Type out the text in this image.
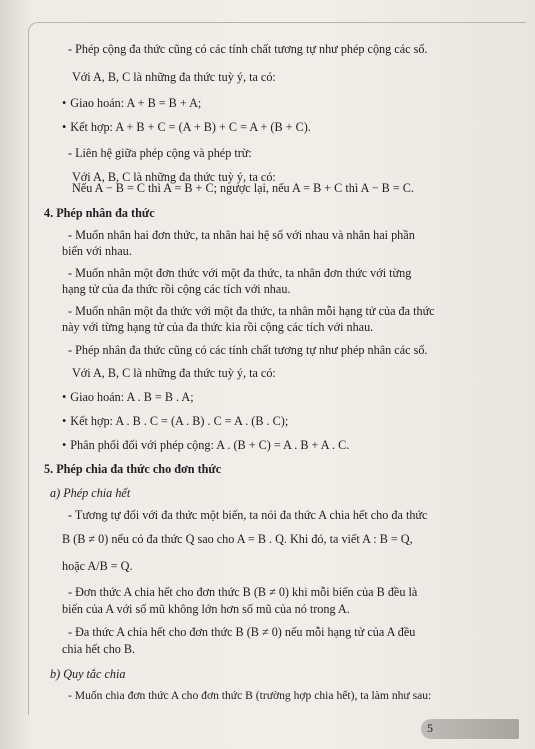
- Phép cộng đa thức cũng có các tính chất tương tự như phép cộng các số.
Với A, B, C là những đa thức tuỳ ý, ta có:
• Giao hoán: A + B = B + A;
• Kết hợp: A + B + C = (A + B) + C = A + (B + C).
- Liên hệ giữa phép cộng và phép trừ:
Với A, B, C là những đa thức tuỳ ý, ta có:
Nếu A − B = C thì A = B + C; ngược lại, nếu A = B + C thì A − B = C.
4. Phép nhân đa thức
- Muốn nhân hai đơn thức, ta nhân hai hệ số với nhau và nhân hai phần
biến với nhau.
- Muốn nhân một đơn thức với một đa thức, ta nhân đơn thức với từng
hạng tử của đa thức rồi cộng các tích với nhau.
- Muốn nhân một đa thức với một đa thức, ta nhân mỗi hạng tử của đa thức
này với từng hạng tử của đa thức kia rồi cộng các tích với nhau.
- Phép nhân đa thức cũng có các tính chất tương tự như phép nhân các số.
Với A, B, C là những đa thức tuỳ ý, ta có:
• Giao hoán: A . B = B . A;
• Kết hợp: A . B . C = (A . B) . C = A . (B . C);
• Phân phối đối với phép cộng: A . (B + C) = A . B + A . C.
5. Phép chia đa thức cho đơn thức
a) Phép chia hết
- Tương tự đối với đa thức một biến, ta nói đa thức A chia hết cho đa thức
B (B ≠ 0) nếu có đa thức Q sao cho A = B . Q. Khi đó, ta viết A : B = Q,
hoặc A/B = Q.
- Đơn thức A chia hết cho đơn thức B (B ≠ 0) khi mỗi biến của B đều là
biến của A với số mũ không lớn hơn số mũ của nó trong A.
- Đa thức A chia hết cho đơn thức B (B ≠ 0) nếu mỗi hạng tử của A đều
chia hết cho B.
b) Quy tắc chia
- Muốn chia đơn thức A cho đơn thức B (trường hợp chia hết), ta làm như sau:
5
